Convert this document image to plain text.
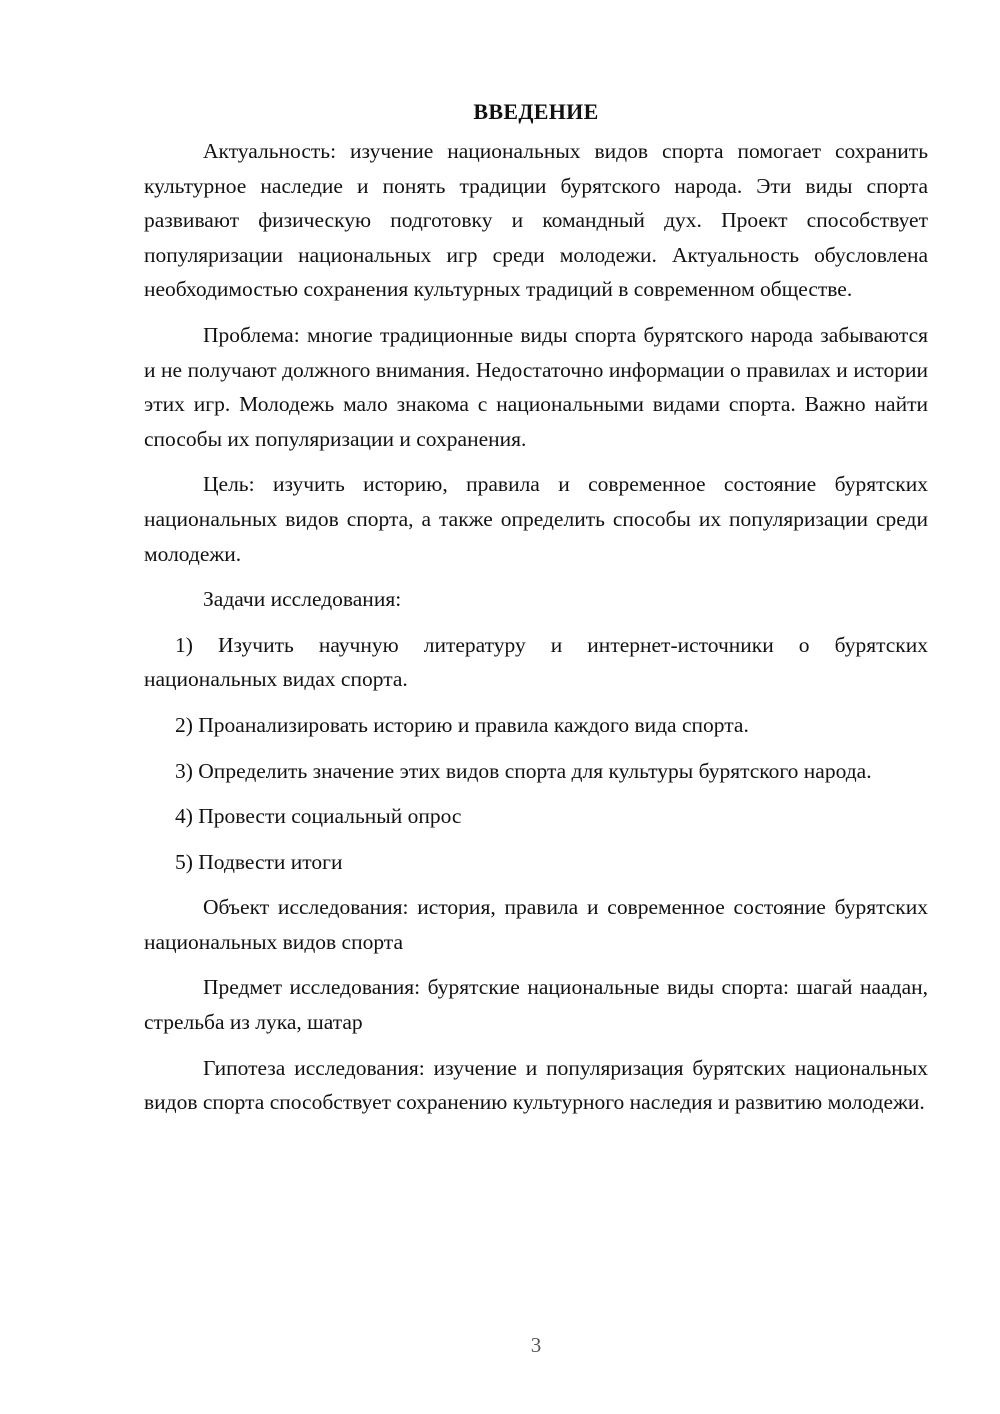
ВВЕДЕНИЕ

Актуальность: изучение национальных видов спорта помогает сохранить культурное наследие и понять традиции бурятского народа. Эти виды спорта развивают физическую подготовку и командный дух. Проект способствует популяризации национальных игр среди молодежи. Актуальность обусловлена необходимостью сохранения культурных традиций в современном обществе.

Проблема: многие традиционные виды спорта бурятского народа забываются и не получают должного внимания. Недостаточно информации о правилах и истории этих игр. Молодежь мало знакома с национальными видами спорта. Важно найти способы их популяризации и сохранения.

Цель: изучить историю, правила и современное состояние бурятских национальных видов спорта, а также определить способы их популяризации среди молодежи.

Задачи исследования:

1) Изучить научную литературу и интернет-источники о бурятских национальных видах спорта.

2) Проанализировать историю и правила каждого вида спорта.

3) Определить значение этих видов спорта для культуры бурятского народа.

4) Провести социальный опрос

5) Подвести итоги

Объект исследования: история, правила и современное состояние бурятских национальных видов спорта

Предмет исследования: бурятские национальные виды спорта: шагай наадан, стрельба из лука, шатар

Гипотеза исследования: изучение и популяризация бурятских национальных видов спорта способствует сохранению культурного наследия и развитию молодежи.

3
